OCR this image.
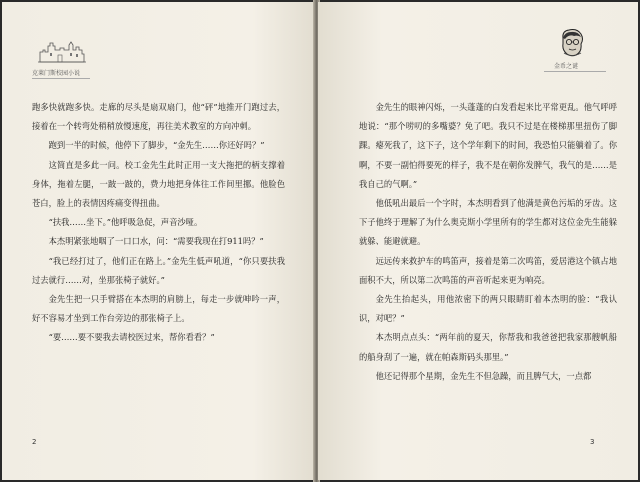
克莱门斯校园小说

跑多快就跑多快。走廊的尽头是扇双扇门，他“砰”地推开门跑过去，接着在一个转弯处稍稍放慢速度，再往美术教室的方向冲刺。

跑到一半的时候，他停下了脚步，“金先生……你还好吗？”

这简直是多此一问。校工金先生此时正用一支大拖把的柄支撑着身体，拖着左腿，一跛一跛的，费力地把身体往工作间里挪。他脸色苍白，脸上的表情因疼痛变得扭曲。

“扶我……坐下。”他呼吸急促，声音沙哑。

本杰明紧张地咽了一口口水，问：“需要我现在打911吗？”

“我已经打过了，他们正在路上。”金先生低声吼道，“你只要扶我过去就行……对，坐那张椅子就好。”

金先生把一只手臂搭在本杰明的肩膀上，每走一步就呻吟一声，好不容易才坐到工作台旁边的那张椅子上。

“要……要不要我去请校医过来，帮你看看？”

2
金币之谜

金先生的眼神闪烁，一头蓬蓬的白发看起来比平常更乱。他气呼呼地说：“那个唠叨的多嘴婆？免了吧。我只不过是在楼梯那里扭伤了脚踝。瘪死我了，这下子，这个学年剩下的时间，我恐怕只能躺着了。你啊，不要一副怕得要死的样子，我不是在朝你发脾气，我气的是……是我自己的气啊。”

他低吼出最后一个字时，本杰明看到了他满是黄色污垢的牙齿。这下子他终于理解了为什么奥克斯小学里所有的学生都对这位金先生能躲就躲、能避就避。

远远传来救护车的鸣笛声，接着是第二次鸣笛，爱居港这个镇占地面积不大，所以第二次鸣笛的声音听起来更为响亮。

金先生抬起头，用他浓密下的两只眼睛盯着本杰明的脸：“我认识，对吧？”

本杰明点点头：“两年前的夏天，你帮我和我爸爸把我家那艘帆船的船身刮了一遍，就在帕森斯码头那里。”

他还记得那个星期，金先生不但急躁，而且脾气大，一点都

3
